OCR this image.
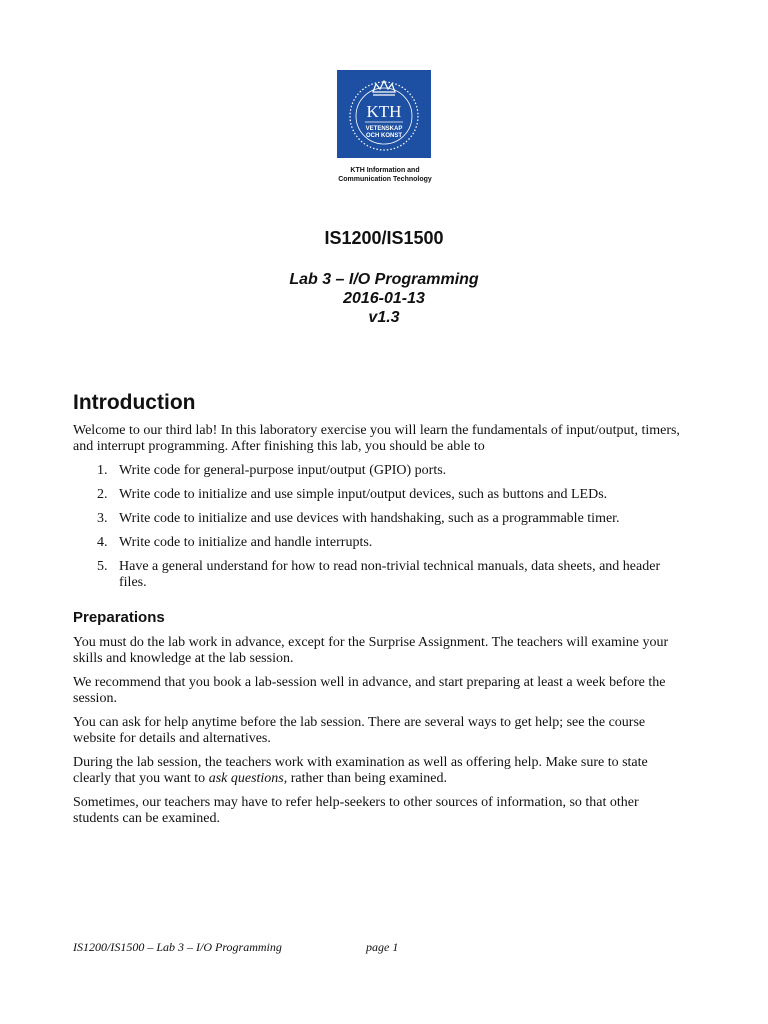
KTH
VETENSKAP
OCH KONST
KTH Information and
Communication Technology
IS1200/IS1500
Lab 3 – I/O Programming
2016-01-13
v1.3
Introduction

Welcome to our third lab! In this laboratory exercise you will learn the fundamentals of input/output, timers, and interrupt programming. After finishing this lab, you should be able to

1. Write code for general-purpose input/output (GPIO) ports.
2. Write code to initialize and use simple input/output devices, such as buttons and LEDs.
3. Write code to initialize and use devices with handshaking, such as a programmable timer.
4. Write code to initialize and handle interrupts.
5. Have a general understand for how to read non-trivial technical manuals, data sheets, and header files.
Preparations

You must do the lab work in advance, except for the Surprise Assignment. The teachers will examine your skills and knowledge at the lab session.

We recommend that you book a lab-session well in advance, and start preparing at least a week before the session.

You can ask for help anytime before the lab session. There are several ways to get help; see the course website for details and alternatives.

During the lab session, the teachers work with examination as well as offering help. Make sure to state clearly that you want to ask questions, rather than being examined.

Sometimes, our teachers may have to refer help-seekers to other sources of information, so that other students can be examined.

IS1200/IS1500 – Lab 3 – I/O Programming	page 1
